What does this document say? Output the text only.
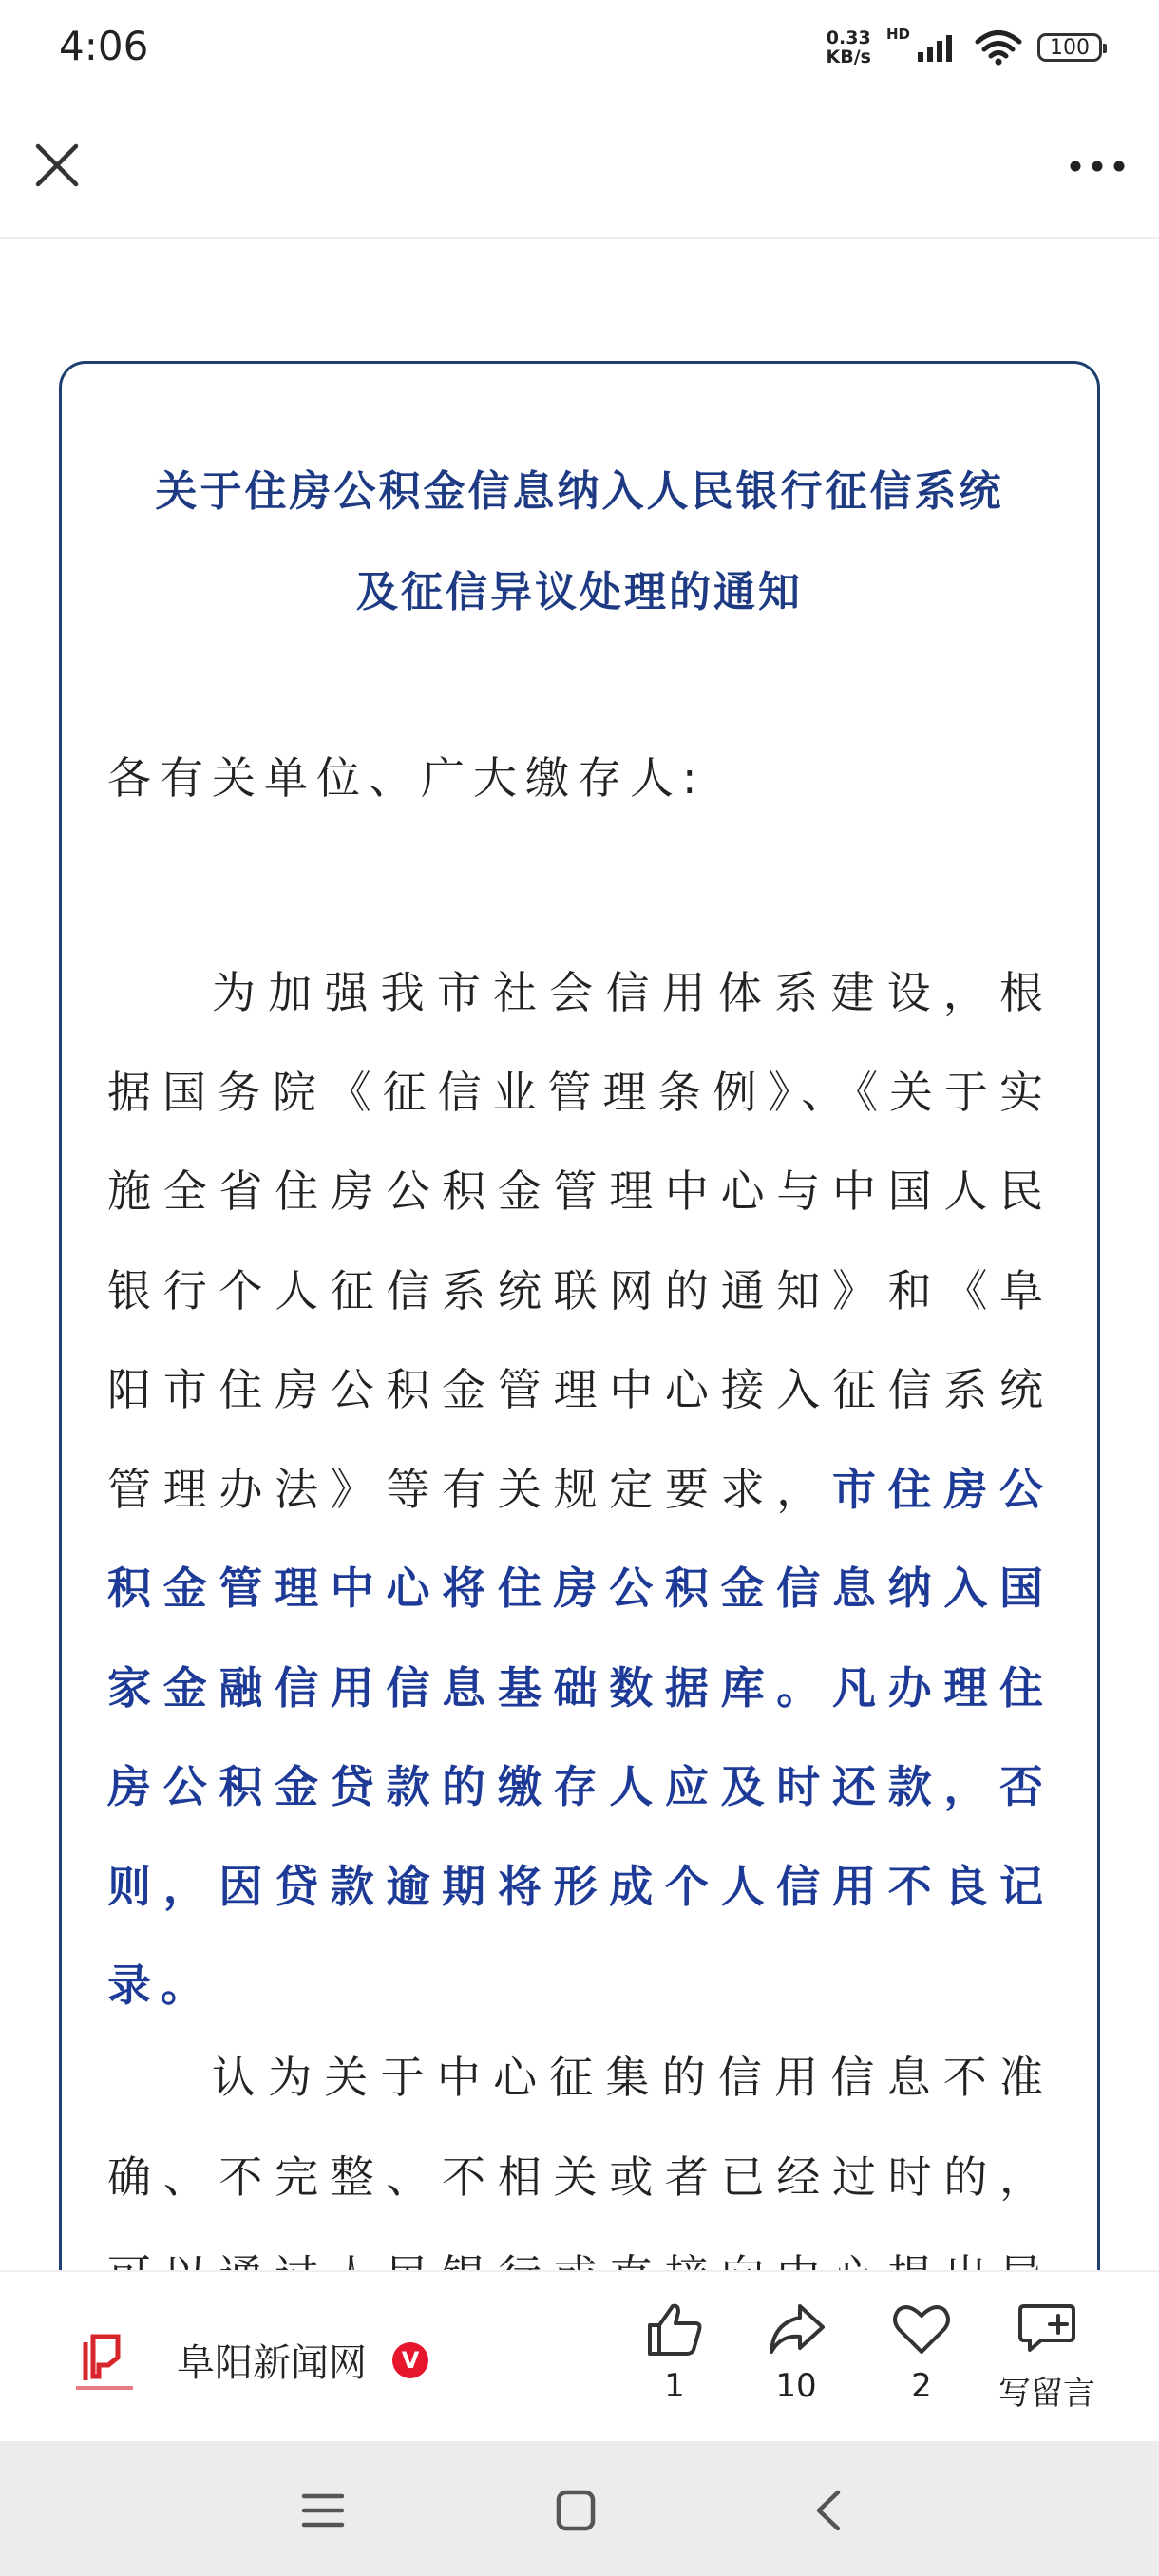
4:06	0.33
KB/s
HD
100
关于住房公积金信息纳入人民银行征信系统
及征信异议处理的通知
各有关单位、广大缴存人:

为加强我市社会信用体系建设，根据国务院《征信业管理条例》、《关于实施全省住房公积金管理中心与中国人民银行个人征信系统联网的通知》和《阜阳市住房公积金管理中心接入征信系统管理办法》等有关规定要求，市住房公积金管理中心将住房公积金信息纳入国家金融信用信息基础数据库。凡办理住房公积金贷款的缴存人应及时还款，否则，因贷款逾期将形成个人信用不良记录。

认为关于中心征集的信用信息不准确、不完整、不相关或者已经过时的，

阜阳新闻网	V
1	10	2	写留言
